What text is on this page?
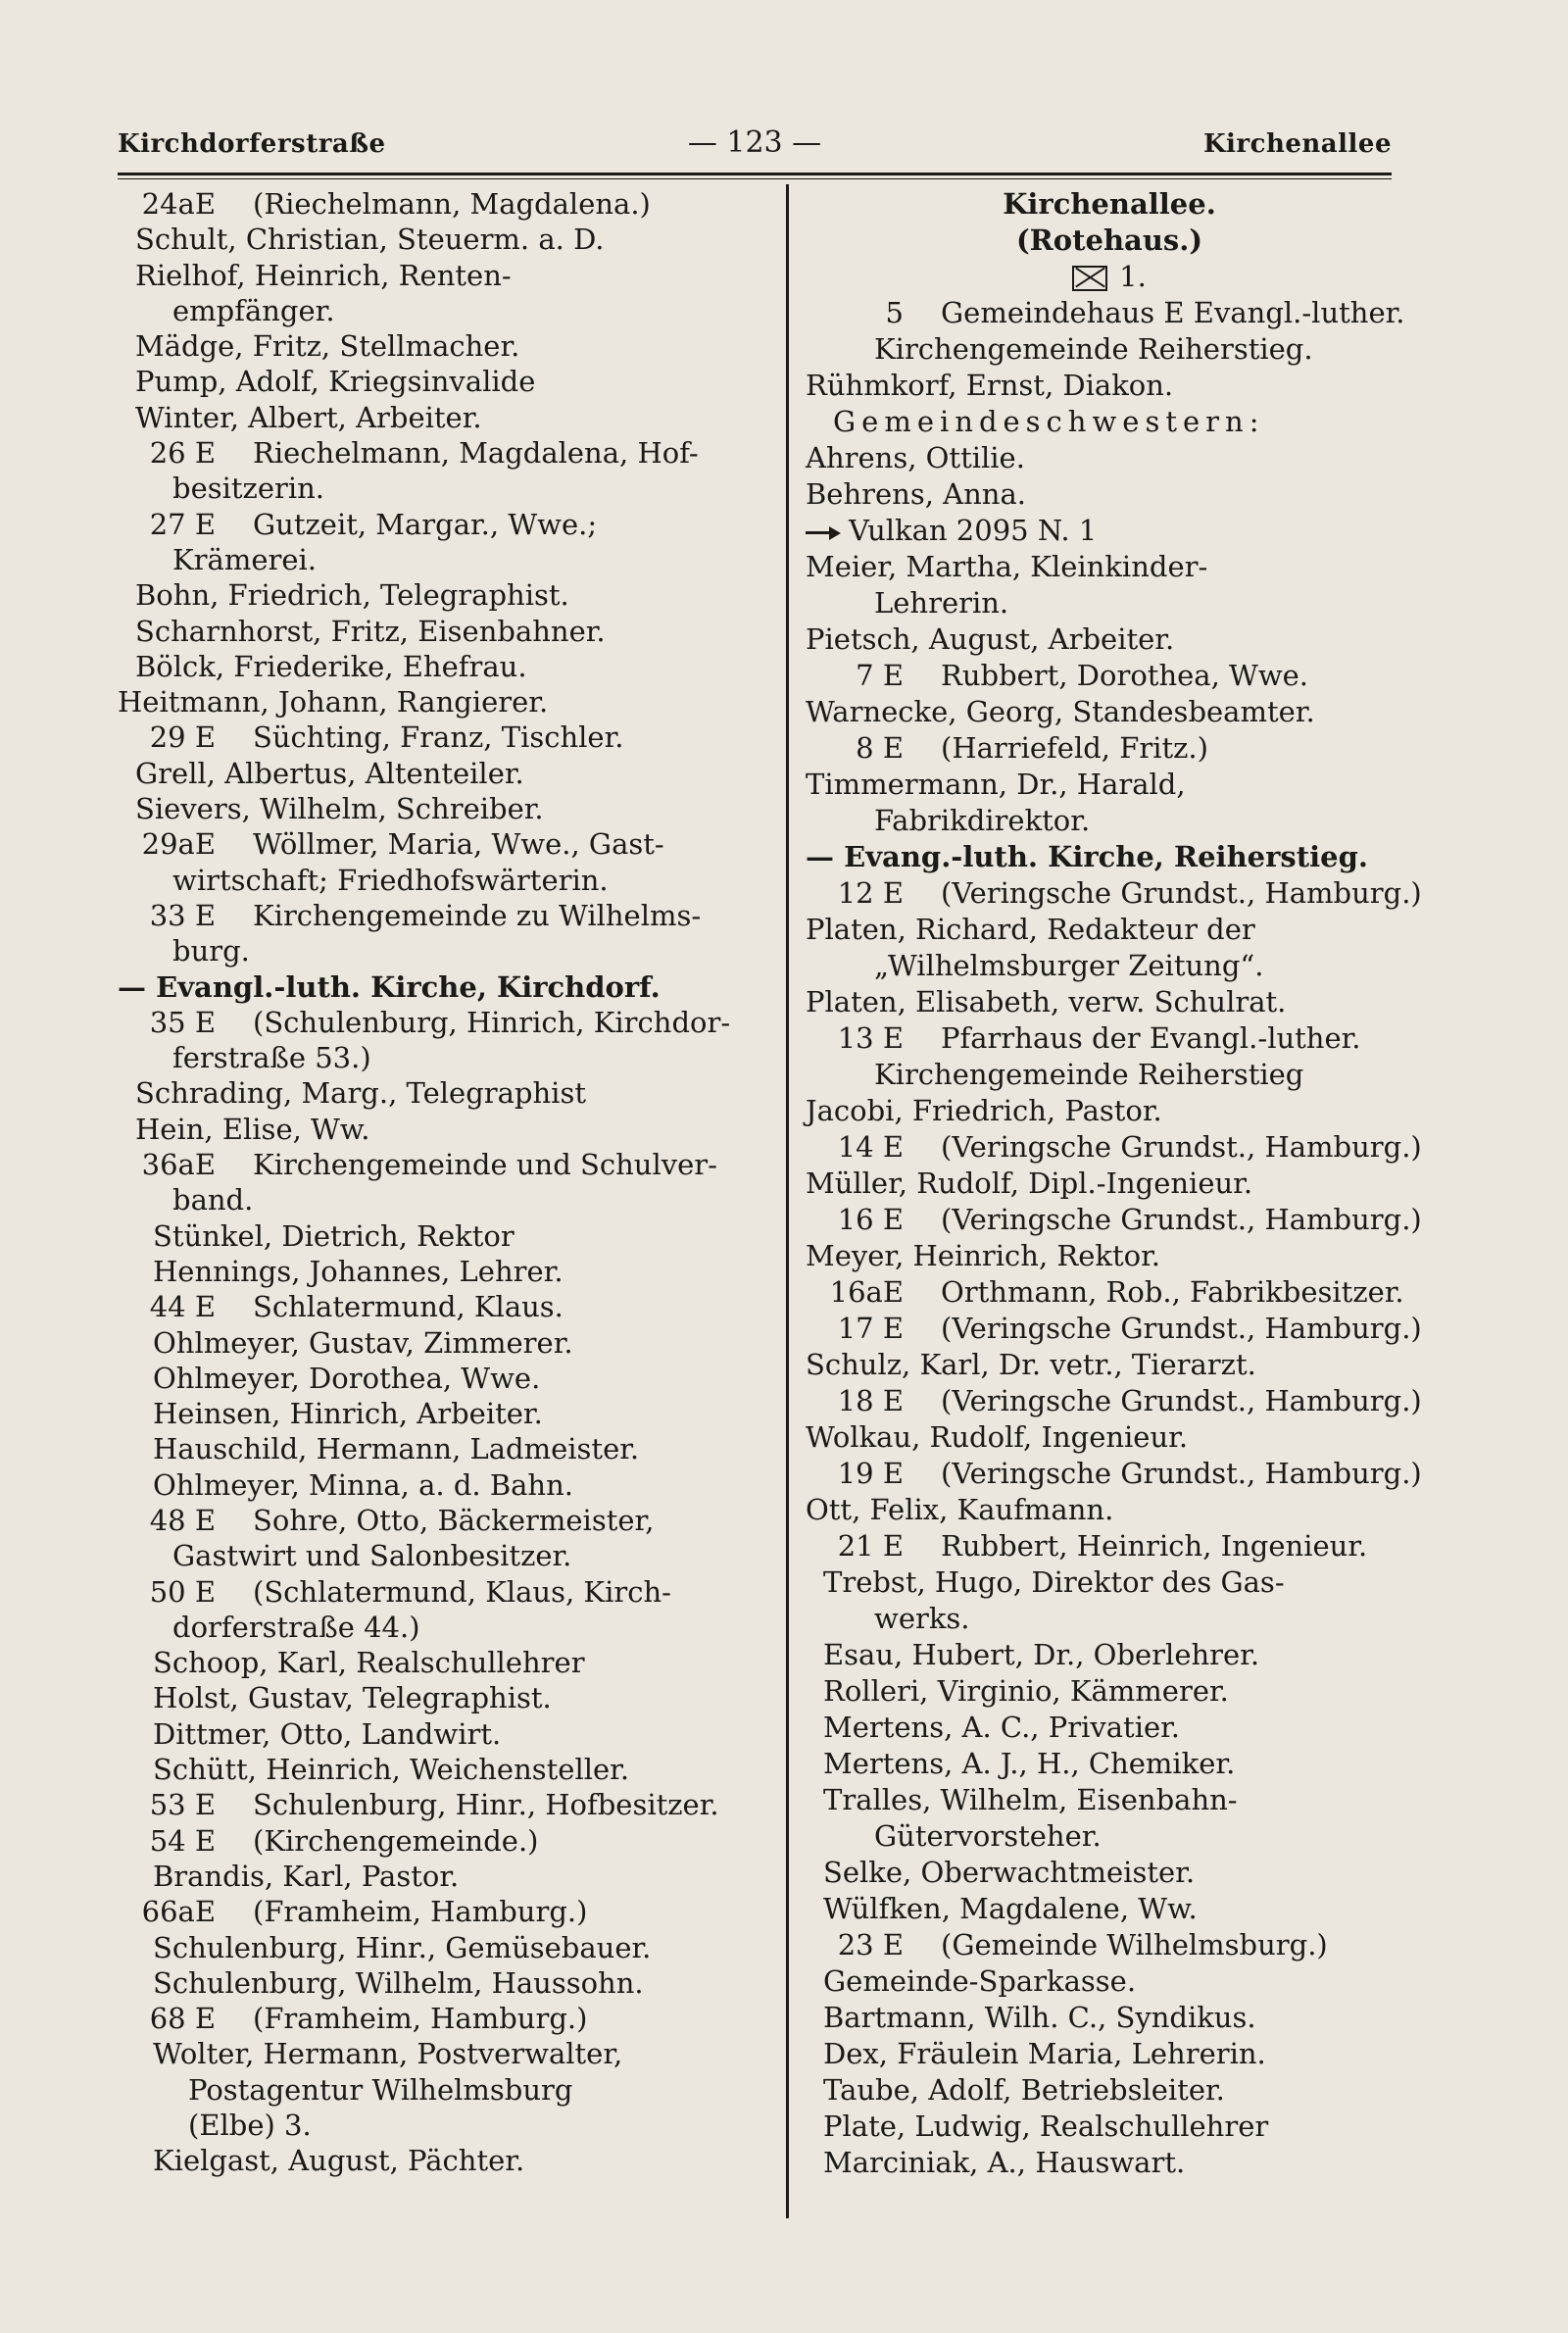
Kirchdorferstraße	— 123 —	Kirchenallee
24aE (Riechelmann, Magdalena.)
Schult, Christian, Steuerm. a. D.
Rielhof, Heinrich, Renten-
empfänger.
Mädge, Fritz, Stellmacher.
Pump, Adolf, Kriegsinvalide
Winter, Albert, Arbeiter.
26 E Riechelmann, Magdalena, Hof-
besitzerin.
27 E Gutzeit, Margar., Wwe.;
Krämerei.
Bohn, Friedrich, Telegraphist.
Scharnhorst, Fritz, Eisenbahner.
Bölck, Friederike, Ehefrau.
Heitmann, Johann, Rangierer.
29 E Süchting, Franz, Tischler.
Grell, Albertus, Altenteiler.
Sievers, Wilhelm, Schreiber.
29aE Wöllmer, Maria, Wwe., Gast-
wirtschaft; Friedhofswärterin.
33 E Kirchengemeinde zu Wilhelms-
burg.
— Evangl.-luth. Kirche, Kirchdorf.
35 E (Schulenburg, Hinrich, Kirchdor-
ferstraße 53.)
Schrading, Marg., Telegraphist
Hein, Elise, Ww.
36aE Kirchengemeinde und Schulver-
band.
Stünkel, Dietrich, Rektor
Hennings, Johannes, Lehrer.
44 E Schlatermund, Klaus.
Ohlmeyer, Gustav, Zimmerer.
Ohlmeyer, Dorothea, Wwe.
Heinsen, Hinrich, Arbeiter.
Hauschild, Hermann, Ladmeister.
Ohlmeyer, Minna, a. d. Bahn.
48 E Sohre, Otto, Bäckermeister,
Gastwirt und Salonbesitzer.
50 E (Schlatermund, Klaus, Kirch-
dorferstraße 44.)
Schoop, Karl, Realschullehrer
Holst, Gustav, Telegraphist.
Dittmer, Otto, Landwirt.
Schütt, Heinrich, Weichensteller.
53 E Schulenburg, Hinr., Hofbesitzer.
54 E (Kirchengemeinde.)
Brandis, Karl, Pastor.
66aE (Framheim, Hamburg.)
Schulenburg, Hinr., Gemüsebauer.
Schulenburg, Wilhelm, Haussohn.
68 E (Framheim, Hamburg.)
Wolter, Hermann, Postverwalter,
Postagentur Wilhelmsburg
(Elbe) 3.
Kielgast, August, Pächter.
Kirchenallee.
(Rotehaus.)
1.
5 Gemeindehaus E Evangl.-luther.
Kirchengemeinde Reiherstieg.
Rühmkorf, Ernst, Diakon.
Gemeindeschwestern:
Ahrens, Ottilie.
Behrens, Anna.
Vulkan 2095 N. 1
Meier, Martha, Kleinkinder-
Lehrerin.
Pietsch, August, Arbeiter.
7 E Rubbert, Dorothea, Wwe.
Warnecke, Georg, Standesbeamter.
8 E (Harriefeld, Fritz.)
Timmermann, Dr., Harald,
Fabrikdirektor.
— Evang.-luth. Kirche, Reiherstieg.
12 E (Veringsche Grundst., Hamburg.)
Platen, Richard, Redakteur der
„Wilhelmsburger Zeitung“.
Platen, Elisabeth, verw. Schulrat.
13 E Pfarrhaus der Evangl.-luther.
Kirchengemeinde Reiherstieg
Jacobi, Friedrich, Pastor.
14 E (Veringsche Grundst., Hamburg.)
Müller, Rudolf, Dipl.-Ingenieur.
16 E (Veringsche Grundst., Hamburg.)
Meyer, Heinrich, Rektor.
16aE Orthmann, Rob., Fabrikbesitzer.
17 E (Veringsche Grundst., Hamburg.)
Schulz, Karl, Dr. vetr., Tierarzt.
18 E (Veringsche Grundst., Hamburg.)
Wolkau, Rudolf, Ingenieur.
19 E (Veringsche Grundst., Hamburg.)
Ott, Felix, Kaufmann.
21 E Rubbert, Heinrich, Ingenieur.
Trebst, Hugo, Direktor des Gas-
werks.
Esau, Hubert, Dr., Oberlehrer.
Rolleri, Virginio, Kämmerer.
Mertens, A. C., Privatier.
Mertens, A. J., H., Chemiker.
Tralles, Wilhelm, Eisenbahn-
Gütervorsteher.
Selke, Oberwachtmeister.
Wülfken, Magdalene, Ww.
23 E (Gemeinde Wilhelmsburg.)
Gemeinde-Sparkasse.
Bartmann, Wilh. C., Syndikus.
Dex, Fräulein Maria, Lehrerin.
Taube, Adolf, Betriebsleiter.
Plate, Ludwig, Realschullehrer
Marciniak, A., Hauswart.
